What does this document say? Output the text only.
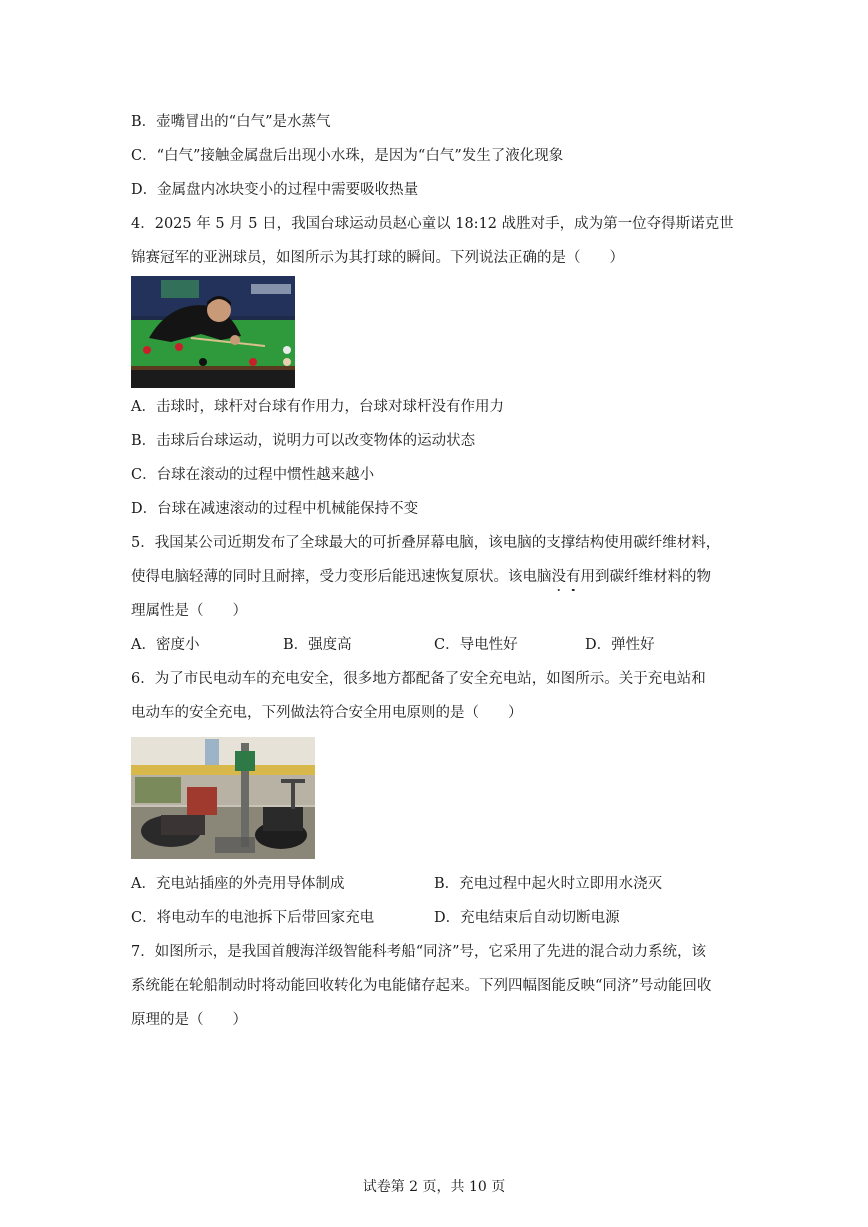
B．壶嘴冒出的“白气”是水蒸气
C．“白气”接触金属盘后出现小水珠，是因为“白气”发生了液化现象
D．金属盘内冰块变小的过程中需要吸收热量
4．2025 年 5 月 5 日，我国台球运动员赵心童以 18:12 战胜对手，成为第一位夺得斯诺克世
锦赛冠军的亚洲球员，如图所示为其打球的瞬间。下列说法正确的是（　　）
A．击球时，球杆对台球有作用力，台球对球杆没有作用力
B．击球后台球运动，说明力可以改变物体的运动状态
C．台球在滚动的过程中惯性越来越小
D．台球在减速滚动的过程中机械能保持不变
5．我国某公司近期发布了全球最大的可折叠屏幕电脑，该电脑的支撑结构使用碳纤维材料，
使得电脑轻薄的同时且耐摔，受力变形后能迅速恢复原状。该电脑没有用到碳纤维材料的物
理属性是（　　）
A．密度小	B．强度高	C．导电性好	D．弹性好
6．为了市民电动车的充电安全，很多地方都配备了安全充电站，如图所示。关于充电站和
电动车的安全充电，下列做法符合安全用电原则的是（　　）
A．充电站插座的外壳用导体制成	B．充电过程中起火时立即用水浇灭
C．将电动车的电池拆下后带回家充电	D．充电结束后自动切断电源
7．如图所示，是我国首艘海洋级智能科考船“同济”号，它采用了先进的混合动力系统，该
系统能在轮船制动时将动能回收转化为电能储存起来。下列四幅图能反映“同济”号动能回收
原理的是（　　）
试卷第 2 页，共 10 页
